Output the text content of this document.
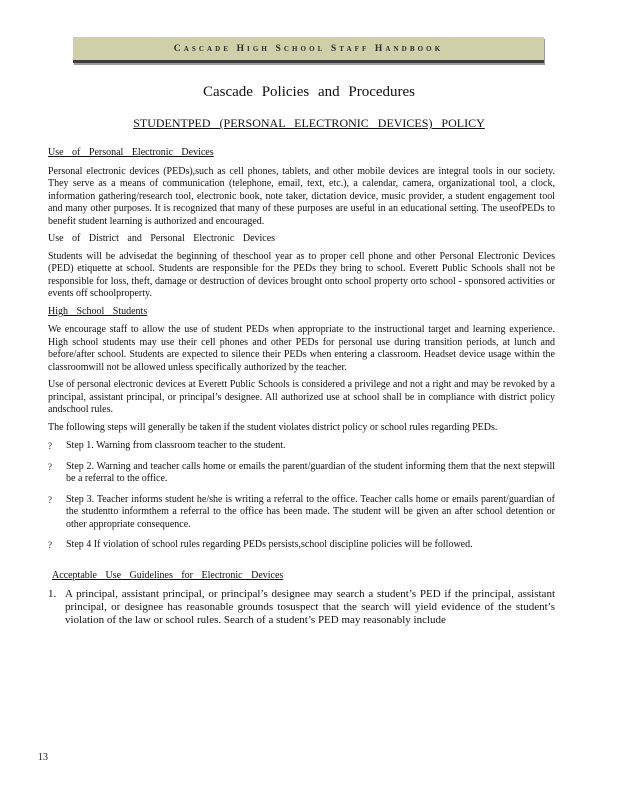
Cascade High School Staff Handbook
Cascade Policies and Procedures
STUDENTPED (PERSONAL ELECTRONIC DEVICES) POLICY
Use of Personal Electronic Devices

Personal electronic devices (PEDs),such as cell phones, tablets, and other mobile devices are integral tools in our society. They serve as a means of communication (telephone, email, text, etc.), a calendar, camera, organizational tool, a clock, information gathering/research tool, electronic book, note taker, dictation device, music provider, a student engagement tool and many other purposes. It is recognized that many of these purposes are useful in an educational setting. The useofPEDs to benefit student learning is authorized and encouraged.

Use of District and Personal Electronic Devices

Students will be advisedat the beginning of theschool year as to proper cell phone and other Personal Electronic Devices (PED) etiquette at school. Students are responsible for the PEDs they bring to school. Everett Public Schools shall not be responsible for loss, theft, damage or destruction of devices brought onto school property orto school - sponsored activities or events off schoolproperty.

High School Students

We encourage staff to allow the use of student PEDs when appropriate to the instructional target and learning experience. High school students may use their cell phones and other PEDs for personal use during transition periods, at lunch and before/after school. Students are expected to silence their PEDs when entering a classroom. Headset device usage within the classroomwill not be allowed unless specifically authorized by the teacher.

Use of personal electronic devices at Everett Public Schools is considered a privilege and not a right and may be revoked by a principal, assistant principal, or principal’s designee. All authorized use at school shall be in compliance with district policy andschool rules.

The following steps will generally be taken if the student violates district policy or school rules regarding PEDs.

? Step 1. Warning from classroom teacher to the student.
? Step 2. Warning and teacher calls home or emails the parent/guardian of the student informing them that the next stepwill be a referral to the office.
? Step 3. Teacher informs student he/she is writing a referral to the office. Teacher calls home or emails parent/guardian of the studentto informthem a referral to the office has been made. The student will be given an after school detention or other appropriate consequence.
? Step 4 If violation of school rules regarding PEDs persists,school discipline policies will be followed.
Acceptable Use Guidelines for Electronic Devices
1. A principal, assistant principal, or principal’s designee may search a student’s PED if the principal, assistant principal, or designee has reasonable grounds tosuspect that the search will yield evidence of the student’s violation of the law or school rules. Search of a student’s PED may reasonably include
13
